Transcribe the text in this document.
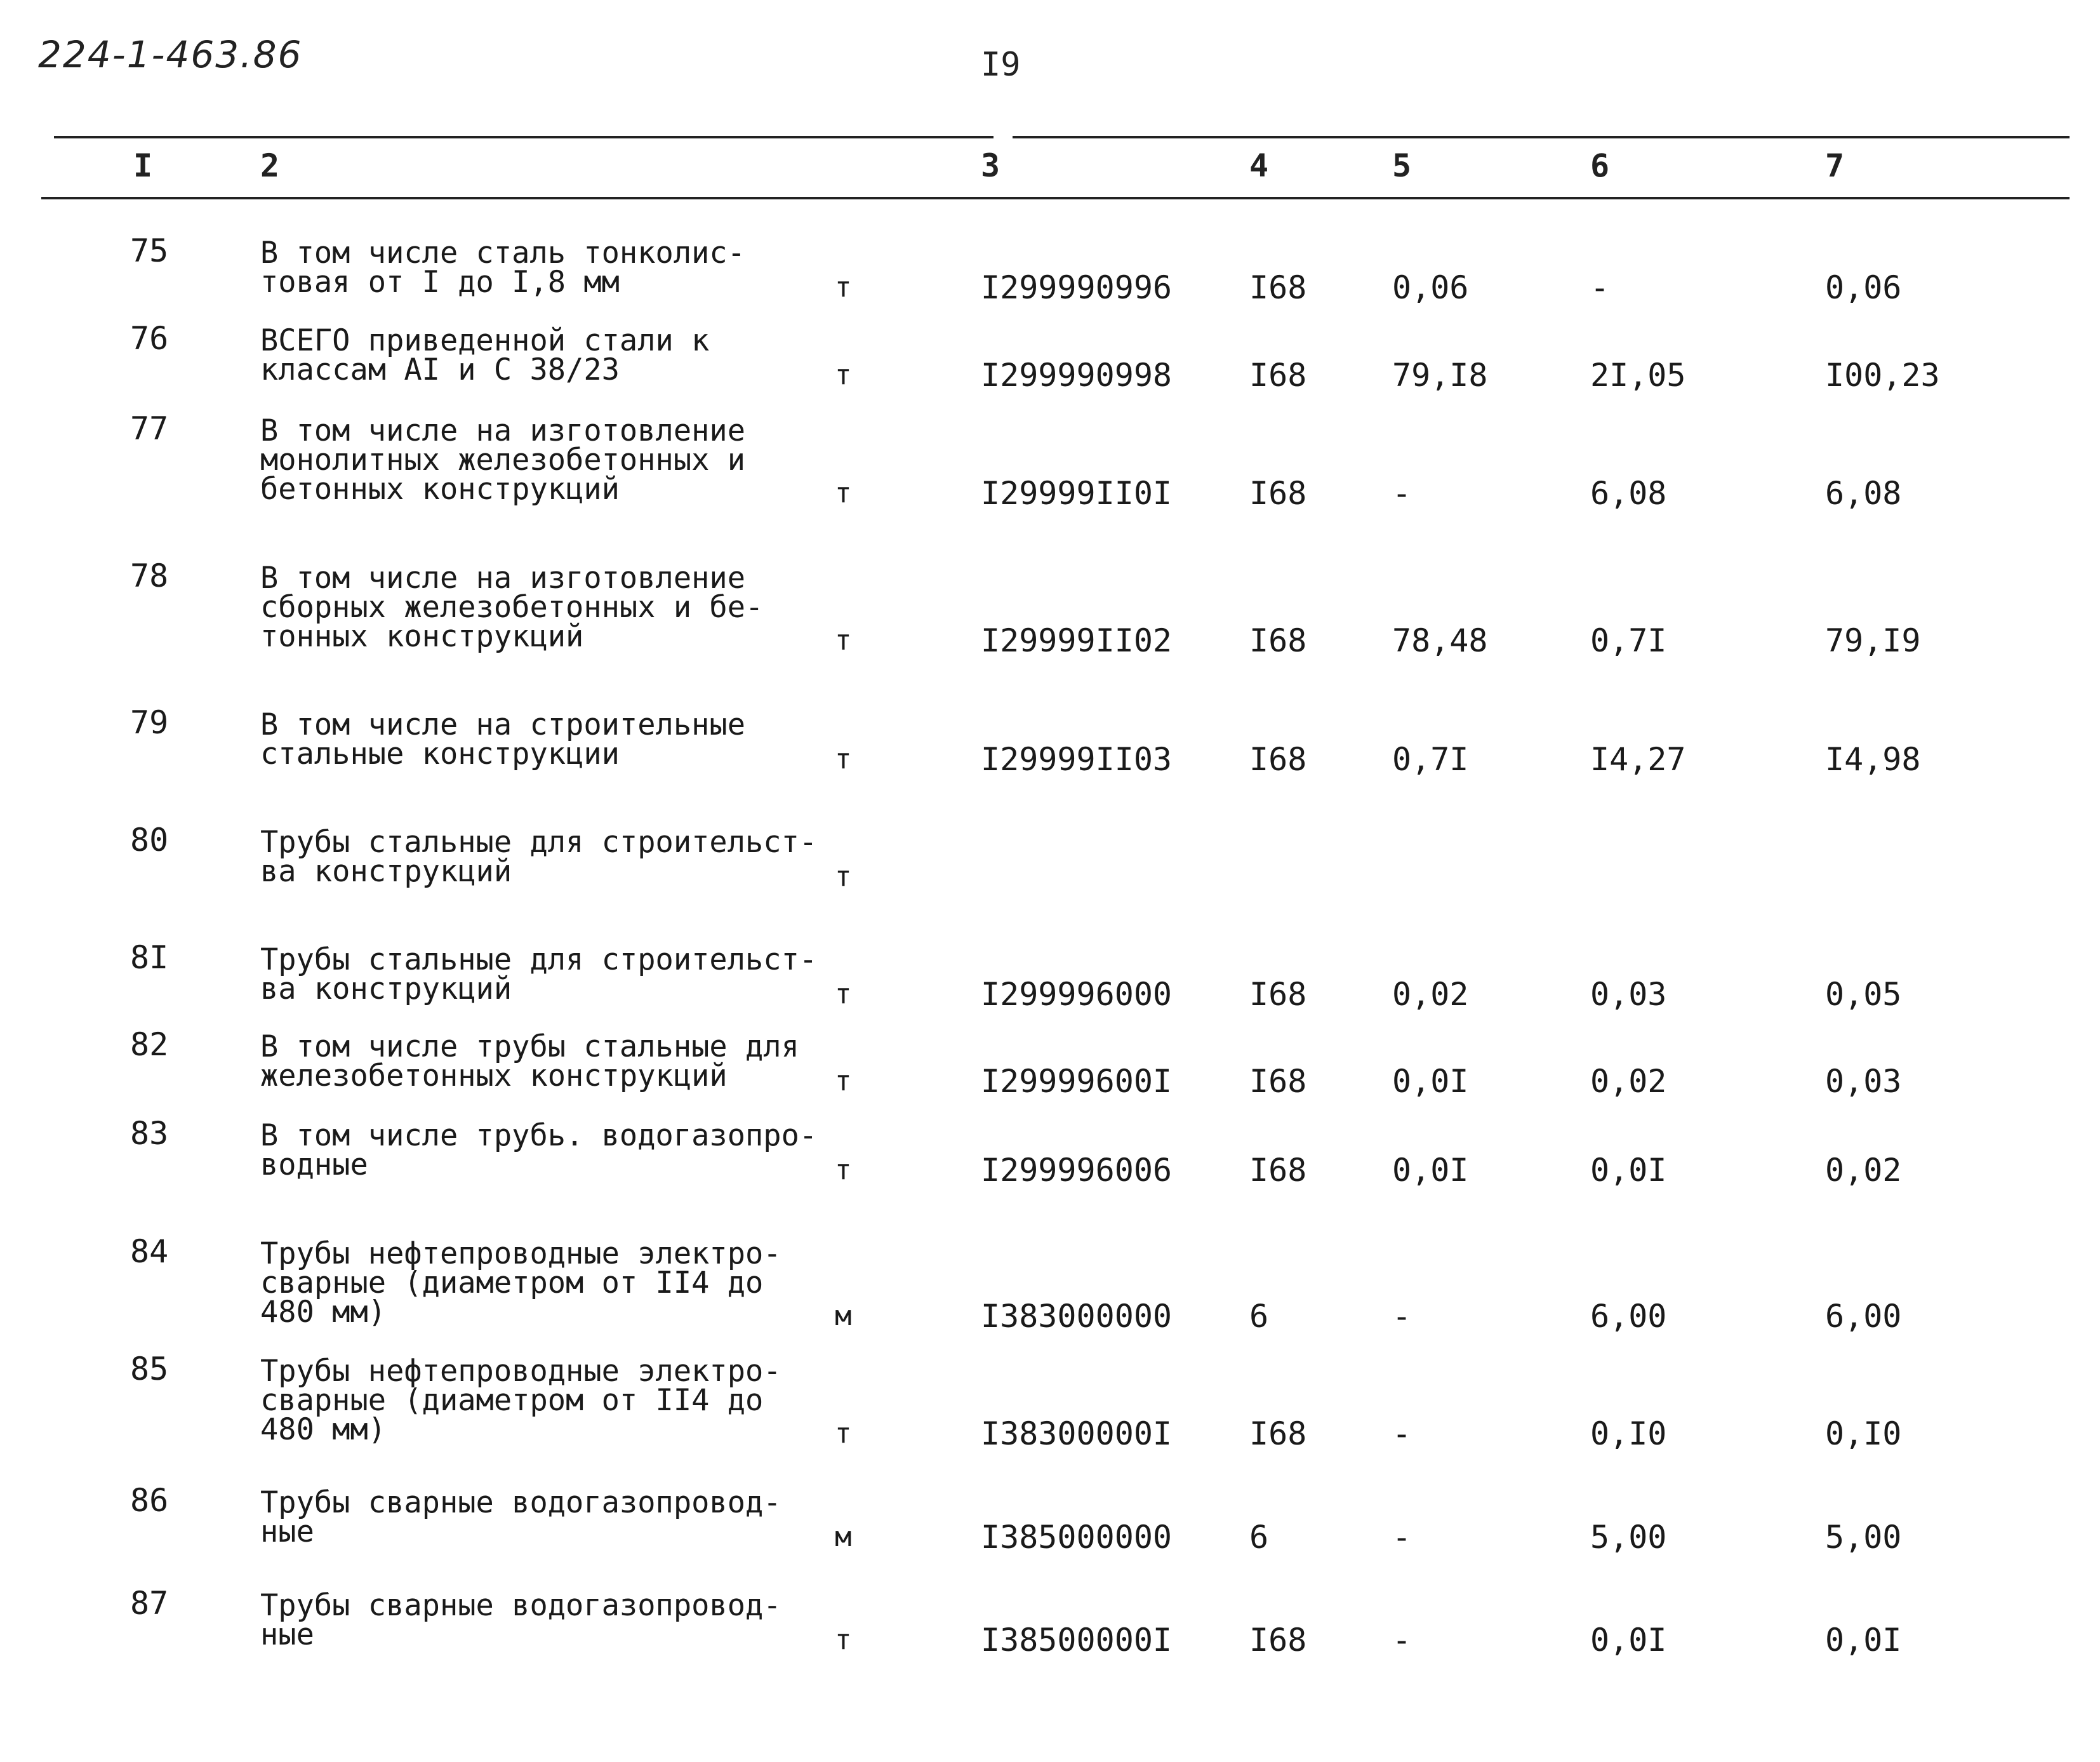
224-1-463.86	I9
I	2	3	4	5	6	7
75	В том числе сталь тонколис-
товая от I до I,8 мм	т	I299990996 I68	0,06	-	0,06
76	ВСЕГО приведенной стали к
классам AI и С 38/23	т	I299990998 I68	79,I8	2I,05	I00,23
77	В том числе на изготовление
монолитных железобетонных и
бетонных конструкций	т	I29999II0I I68	-	6,08	6,08
78	В том числе на изготовление
сборных железобетонных и бе-
тонных конструкций	т	I29999II02 I68	78,48	0,7I	79,I9
79	В том числе на строительные
стальные конструкции	т	I29999II03 I68	0,7I	I4,27	I4,98
80	Трубы стальные для строительст-
ва конструкций	т
8I	Трубы стальные для строительст-
ва конструкций	т	I299996000 I68	0,02	0,03	0,05
82	В том числе трубы стальные для
железобетонных конструкций	т	I29999600I I68	0,0I	0,02	0,03
83	В том числе трубь. водогазопро-
водные	т	I299996006 I68	0,0I	0,0I	0,02
84	Трубы нефтепроводные электро-
сварные (диаметром от II4 до
480 мм)	м	I383000000 6	-	6,00	6,00
85	Трубы нефтепроводные электро-
сварные (диаметром от II4 до
480 мм)	т	I38300000I I68	-	0,I0	0,I0
86	Трубы сварные водогазопровод-
ные	м	I385000000 6	-	5,00	5,00
87	Трубы сварные водогазопровод-
ные	т	I38500000I I68	-	0,0I	0,0I
